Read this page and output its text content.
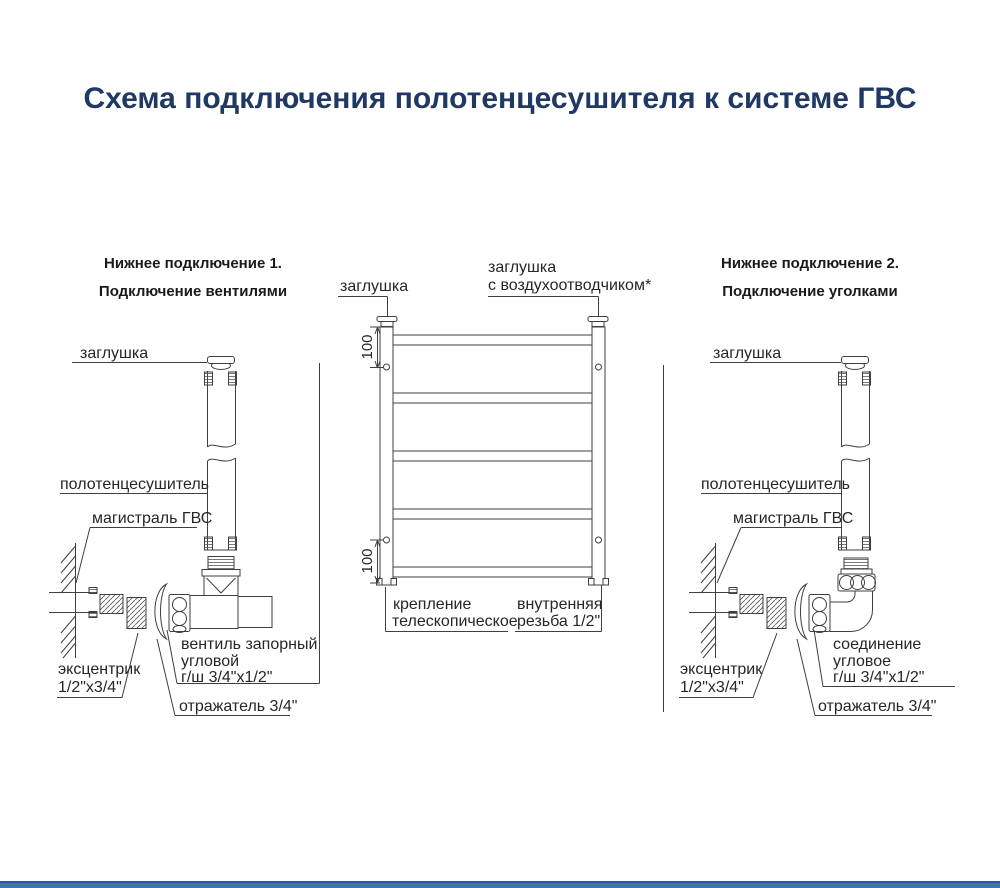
Схема подключения полотенцесушителя к системе ГВС
Нижнее подключение 1.
Подключение вентилями
Нижнее подключение 2.
Подключение уголками
заглушка
полотенцесушитель
магистраль ГВС
эксцентрик
1/2"x3/4"
вентиль запорный
угловой
г/ш 3/4"x1/2"
отражатель 3/4"
заглушка
заглушка
с воздухоотводчиком*
100
100
крепление
телескопическое
внутренняя
резьба 1/2"
заглушка
полотенцесушитель
магистраль ГВС
эксцентрик
1/2"x3/4"
соединение
угловое
г/ш 3/4"x1/2"
отражатель 3/4"
